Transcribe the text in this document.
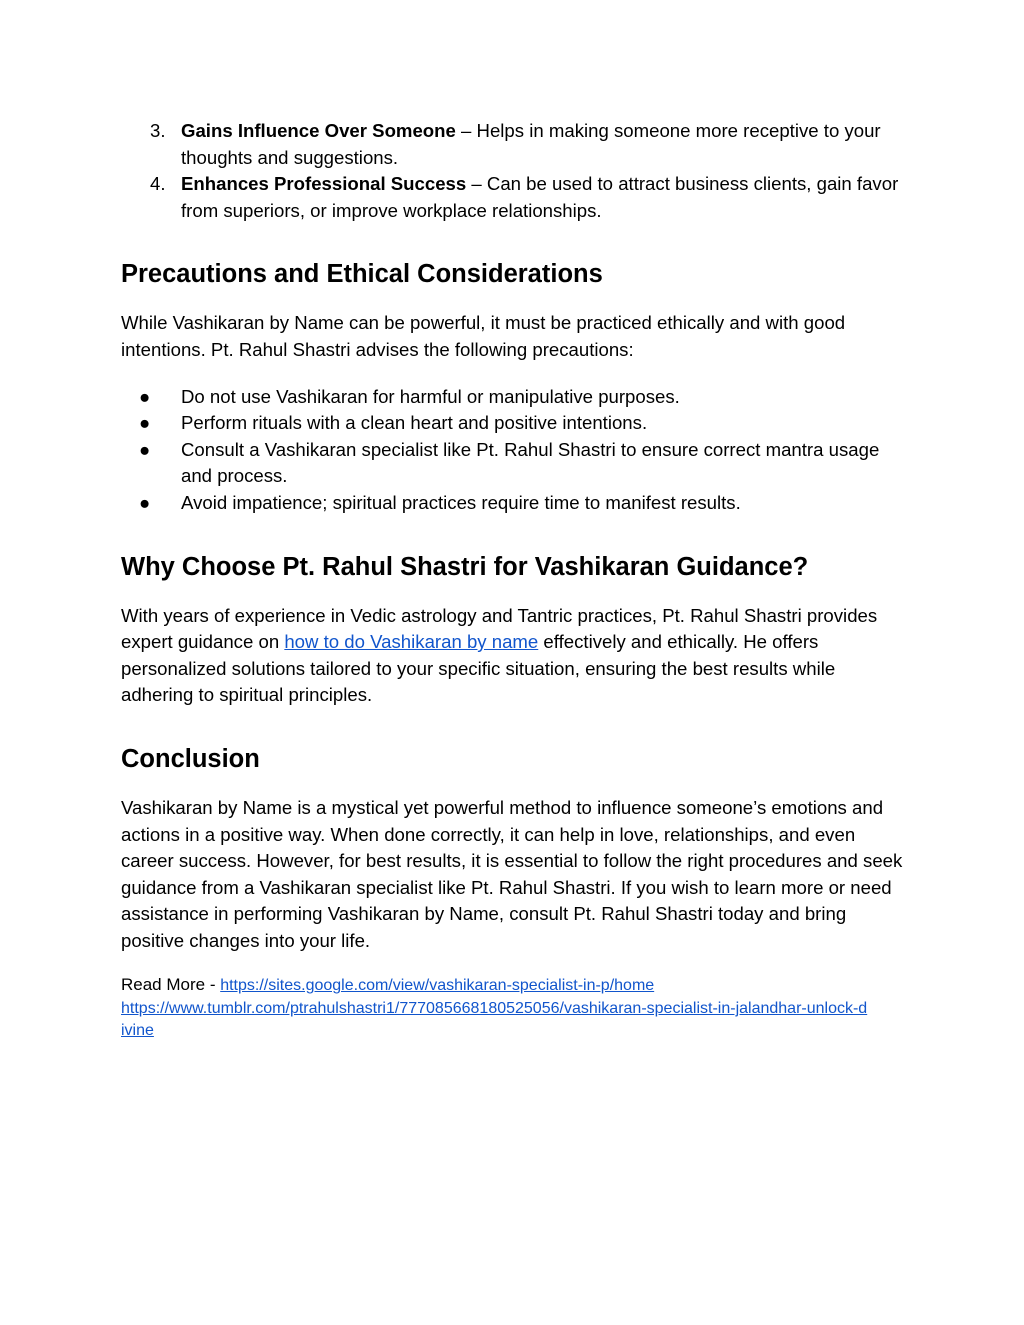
3. Gains Influence Over Someone – Helps in making someone more receptive to your thoughts and suggestions.
4. Enhances Professional Success – Can be used to attract business clients, gain favor from superiors, or improve workplace relationships.
Precautions and Ethical Considerations

While Vashikaran by Name can be powerful, it must be practiced ethically and with good intentions. Pt. Rahul Shastri advises the following precautions:

● Do not use Vashikaran for harmful or manipulative purposes.
● Perform rituals with a clean heart and positive intentions.
● Consult a Vashikaran specialist like Pt. Rahul Shastri to ensure correct mantra usage and process.
● Avoid impatience; spiritual practices require time to manifest results.
Why Choose Pt. Rahul Shastri for Vashikaran Guidance?

With years of experience in Vedic astrology and Tantric practices, Pt. Rahul Shastri provides expert guidance on how to do Vashikaran by name effectively and ethically. He offers personalized solutions tailored to your specific situation, ensuring the best results while adhering to spiritual principles.

Conclusion

Vashikaran by Name is a mystical yet powerful method to influence someone’s emotions and actions in a positive way. When done correctly, it can help in love, relationships, and even career success. However, for best results, it is essential to follow the right procedures and seek guidance from a Vashikaran specialist like Pt. Rahul Shastri. If you wish to learn more or need assistance in performing Vashikaran by Name, consult Pt. Rahul Shastri today and bring positive changes into your life.

Read More - https://sites.google.com/view/vashikaran-specialist-in-p/home
https://www.tumblr.com/ptrahulshastri1/777085668180525056/vashikaran-specialist-in-jalandhar-unlock-d
ivine
